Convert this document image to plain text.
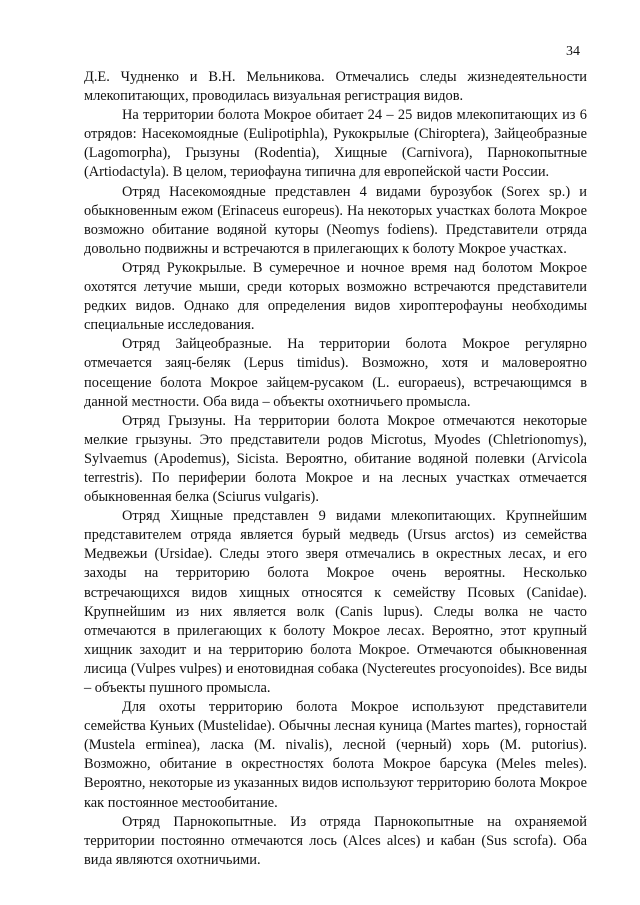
34

Д.Е. Чудненко и В.Н. Мельникова. Отмечались следы жизнедеятельности млекопитающих, проводилась визуальная регистрация видов.

На территории болота Мокрое обитает 24 – 25 видов млекопитающих из 6 отрядов: Насекомоядные (Eulipotiphla), Рукокрылые (Chiroptera), Зайцеобразные (Lagomorpha), Грызуны (Rodentia), Хищные (Carnivora), Парнокопытные (Artiodactyla). В целом, териофауна типична для европейской части России.

Отряд Насекомоядные представлен 4 видами бурозубок (Sorex sp.) и обыкновенным ежом (Erinaceus europeus). На некоторых участках болота Мокрое возможно обитание водяной куторы (Neomys fodiens). Представители отряда довольно подвижны и встречаются в прилегающих к болоту Мокрое участках.

Отряд Рукокрылые. В сумеречное и ночное время над болотом Мокрое охотятся летучие мыши, среди которых возможно встречаются представители редких видов. Однако для определения видов хироптерофауны необходимы специальные исследования.

Отряд Зайцеобразные. На территории болота Мокрое регулярно отмечается заяц-беляк (Lepus timidus). Возможно, хотя и маловероятно посещение болота Мокрое зайцем-русаком (L. europaeus), встречающимся в данной местности. Оба вида – объекты охотничьего промысла.

Отряд Грызуны. На территории болота Мокрое отмечаются некоторые мелкие грызуны. Это представители родов Microtus, Myodes (Chletrionomys), Sylvaemus (Apodemus), Sicista. Вероятно, обитание водяной полевки (Arvicola terrestris). По периферии болота Мокрое и на лесных участках отмечается обыкновенная белка (Sciurus vulgaris).

Отряд Хищные представлен 9 видами млекопитающих. Крупнейшим представителем отряда является бурый медведь (Ursus arctos) из семейства Медвежьи (Ursidae). Следы этого зверя отмечались в окрестных лесах, и его заходы на территорию болота Мокрое очень вероятны. Несколько встречающихся видов хищных относятся к семейству Псовых (Canidae). Крупнейшим из них является волк (Canis lupus). Следы волка не часто отмечаются в прилегающих к болоту Мокрое лесах. Вероятно, этот крупный хищник заходит и на территорию болота Мокрое. Отмечаются обыкновенная лисица (Vulpes vulpes) и енотовидная собака (Nyctereutes procyonoides). Все виды – объекты пушного промысла.

Для охоты территорию болота Мокрое используют представители семейства Куньих (Mustelidae). Обычны лесная куница (Martes martes), горностай (Mustela erminea), ласка (M. nivalis), лесной (черный) хорь (M. putorius). Возможно, обитание в окрестностях болота Мокрое барсука (Meles meles). Вероятно, некоторые из указанных видов используют территорию болота Мокрое как постоянное местообитание.

Отряд Парнокопытные. Из отряда Парнокопытные на охраняемой территории постоянно отмечаются лось (Alces alces) и кабан (Sus scrofa). Оба вида являются охотничьими.
